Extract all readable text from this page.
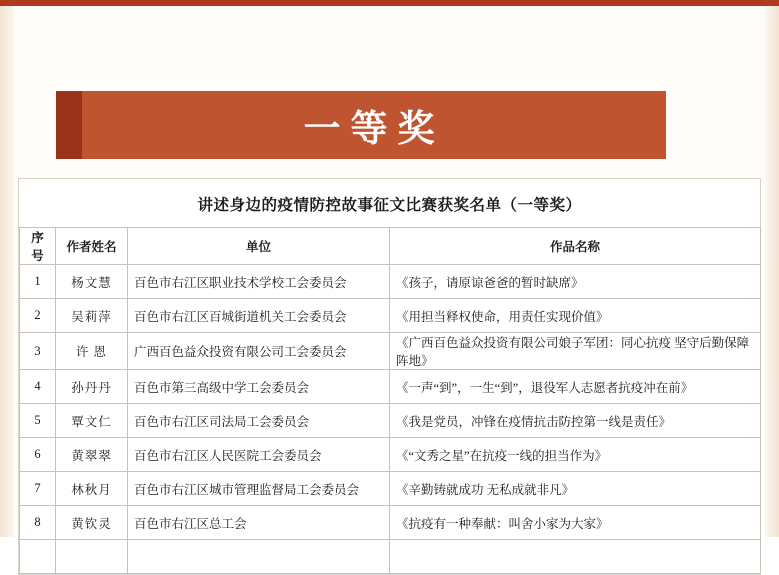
一等奖
讲述身边的疫情防控故事征文比赛获奖名单（一等奖）
序号	作者姓名	单位	作品名称
1	杨文慧	百色市右江区职业技术学校工会委员会	《孩子，请原谅爸爸的暂时缺席》
2	吴莉萍	百色市右江区百城街道机关工会委员会	《用担当释权使命，用责任实现价值》
3	许 恩	广西百色益众投资有限公司工会委员会	《广西百色益众投资有限公司娘子军团：同心抗疫 坚守后勤保障阵地》
4	孙丹丹	百色市第三高级中学工会委员会	《一声“到”，一生“到”，退役军人志愿者抗疫冲在前》
5	覃文仁	百色市右江区司法局工会委员会	《我是党员，冲锋在疫情抗击防控第一线是责任》
6	黄翠翠	百色市右江区人民医院工会委员会	《“文秀之星”在抗疫一线的担当作为》
7	林秋月	百色市右江区城市管理监督局工会委员会	《辛勤铸就成功 无私成就非凡》
8	黄钦灵	百色市右江区总工会	《抗疫有一种奉献：叫舍小家为大家》
